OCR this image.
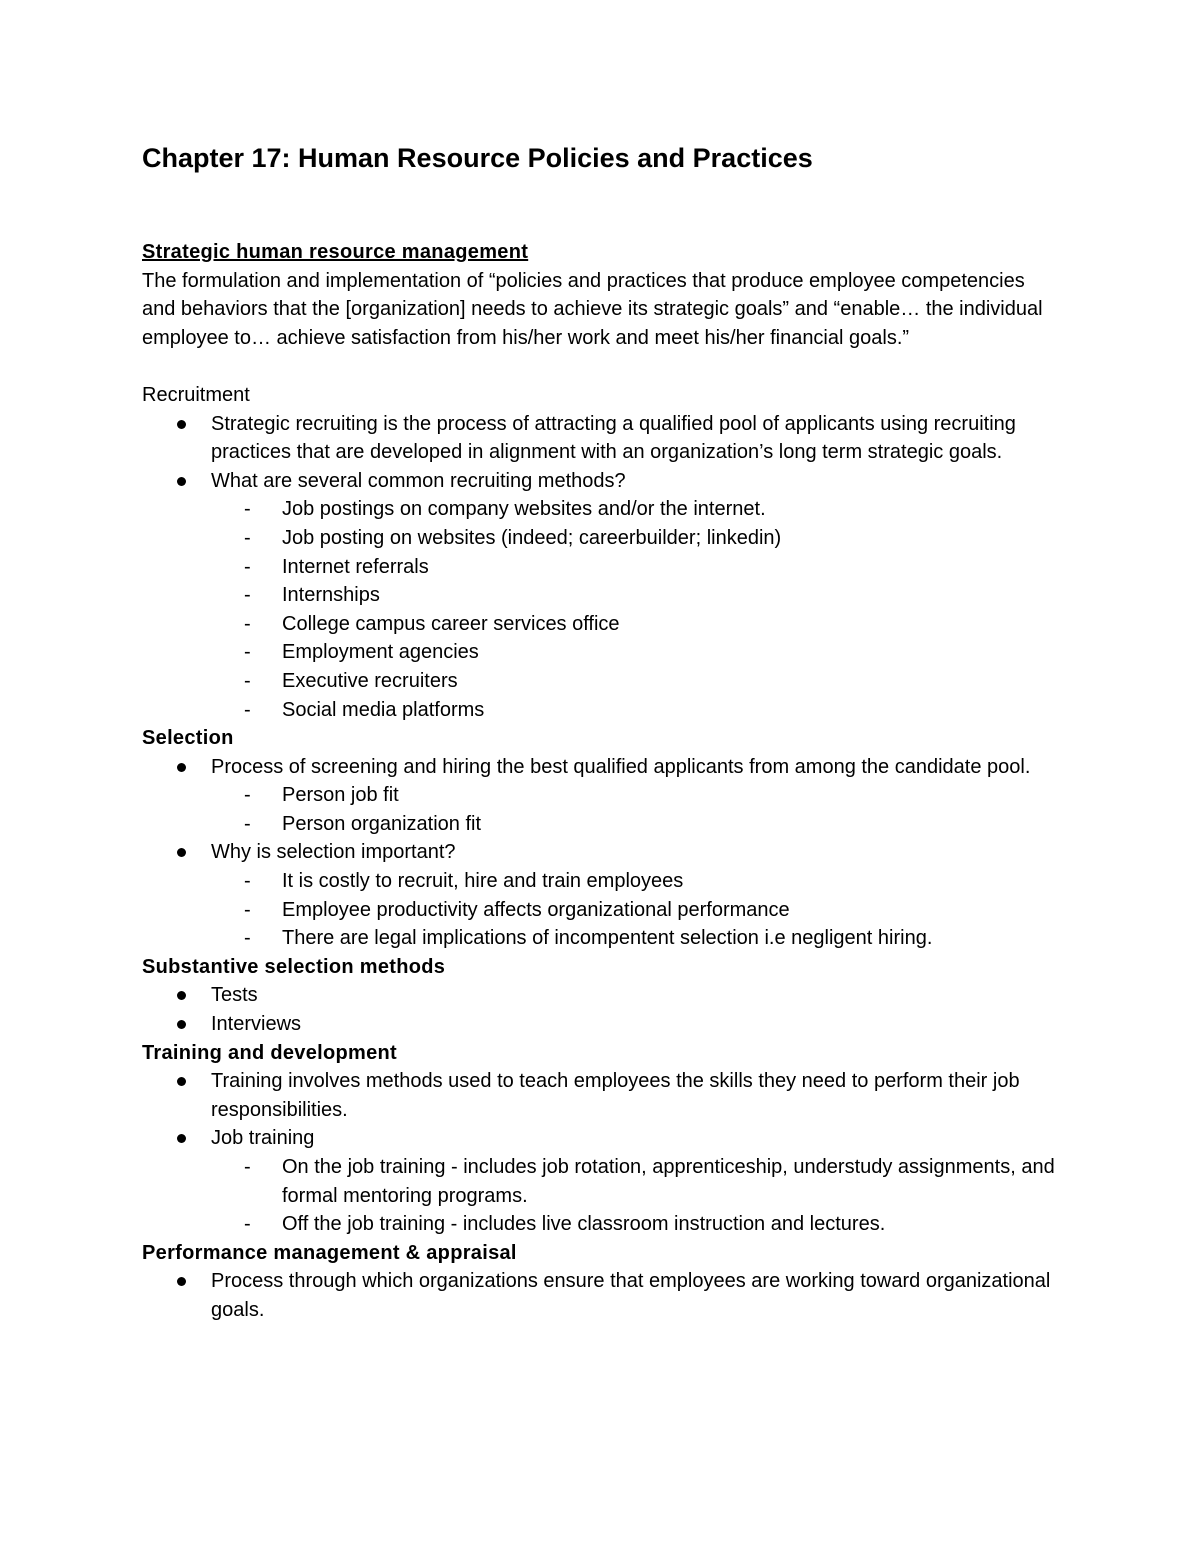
Chapter 17: Human Resource Policies and Practices
Strategic human resource management

The formulation and implementation of “policies and practices that produce employee competencies and behaviors that the [organization] needs to achieve its strategic goals” and “enable… the individual employee to… achieve satisfaction from his/her work and meet his/her financial goals.”

Recruitment
Strategic recruiting is the process of attracting a qualified pool of applicants using recruiting practices that are developed in alignment with an organization’s long term strategic goals.
What are several common recruiting methods?
- Job postings on company websites and/or the internet.
- Job posting on websites (indeed; careerbuilder; linkedin)
- Internet referrals
- Internships
- College campus career services office
- Employment agencies
- Executive recruiters
- Social media platforms
Selection
Process of screening and hiring the best qualified applicants from among the candidate pool.
- Person job fit
- Person organization fit
Why is selection important?
- It is costly to recruit, hire and train employees
- Employee productivity affects organizational performance
- There are legal implications of incompentent selection i.e negligent hiring.
Substantive selection methods
Tests
Interviews
Training and development
Training involves methods used to teach employees the skills they need to perform their job responsibilities.
Job training
- On the job training - includes job rotation, apprenticeship, understudy assignments, and formal mentoring programs.
- Off the job training - includes live classroom instruction and lectures.
Performance management & appraisal
Process through which organizations ensure that employees are working toward organizational goals.
